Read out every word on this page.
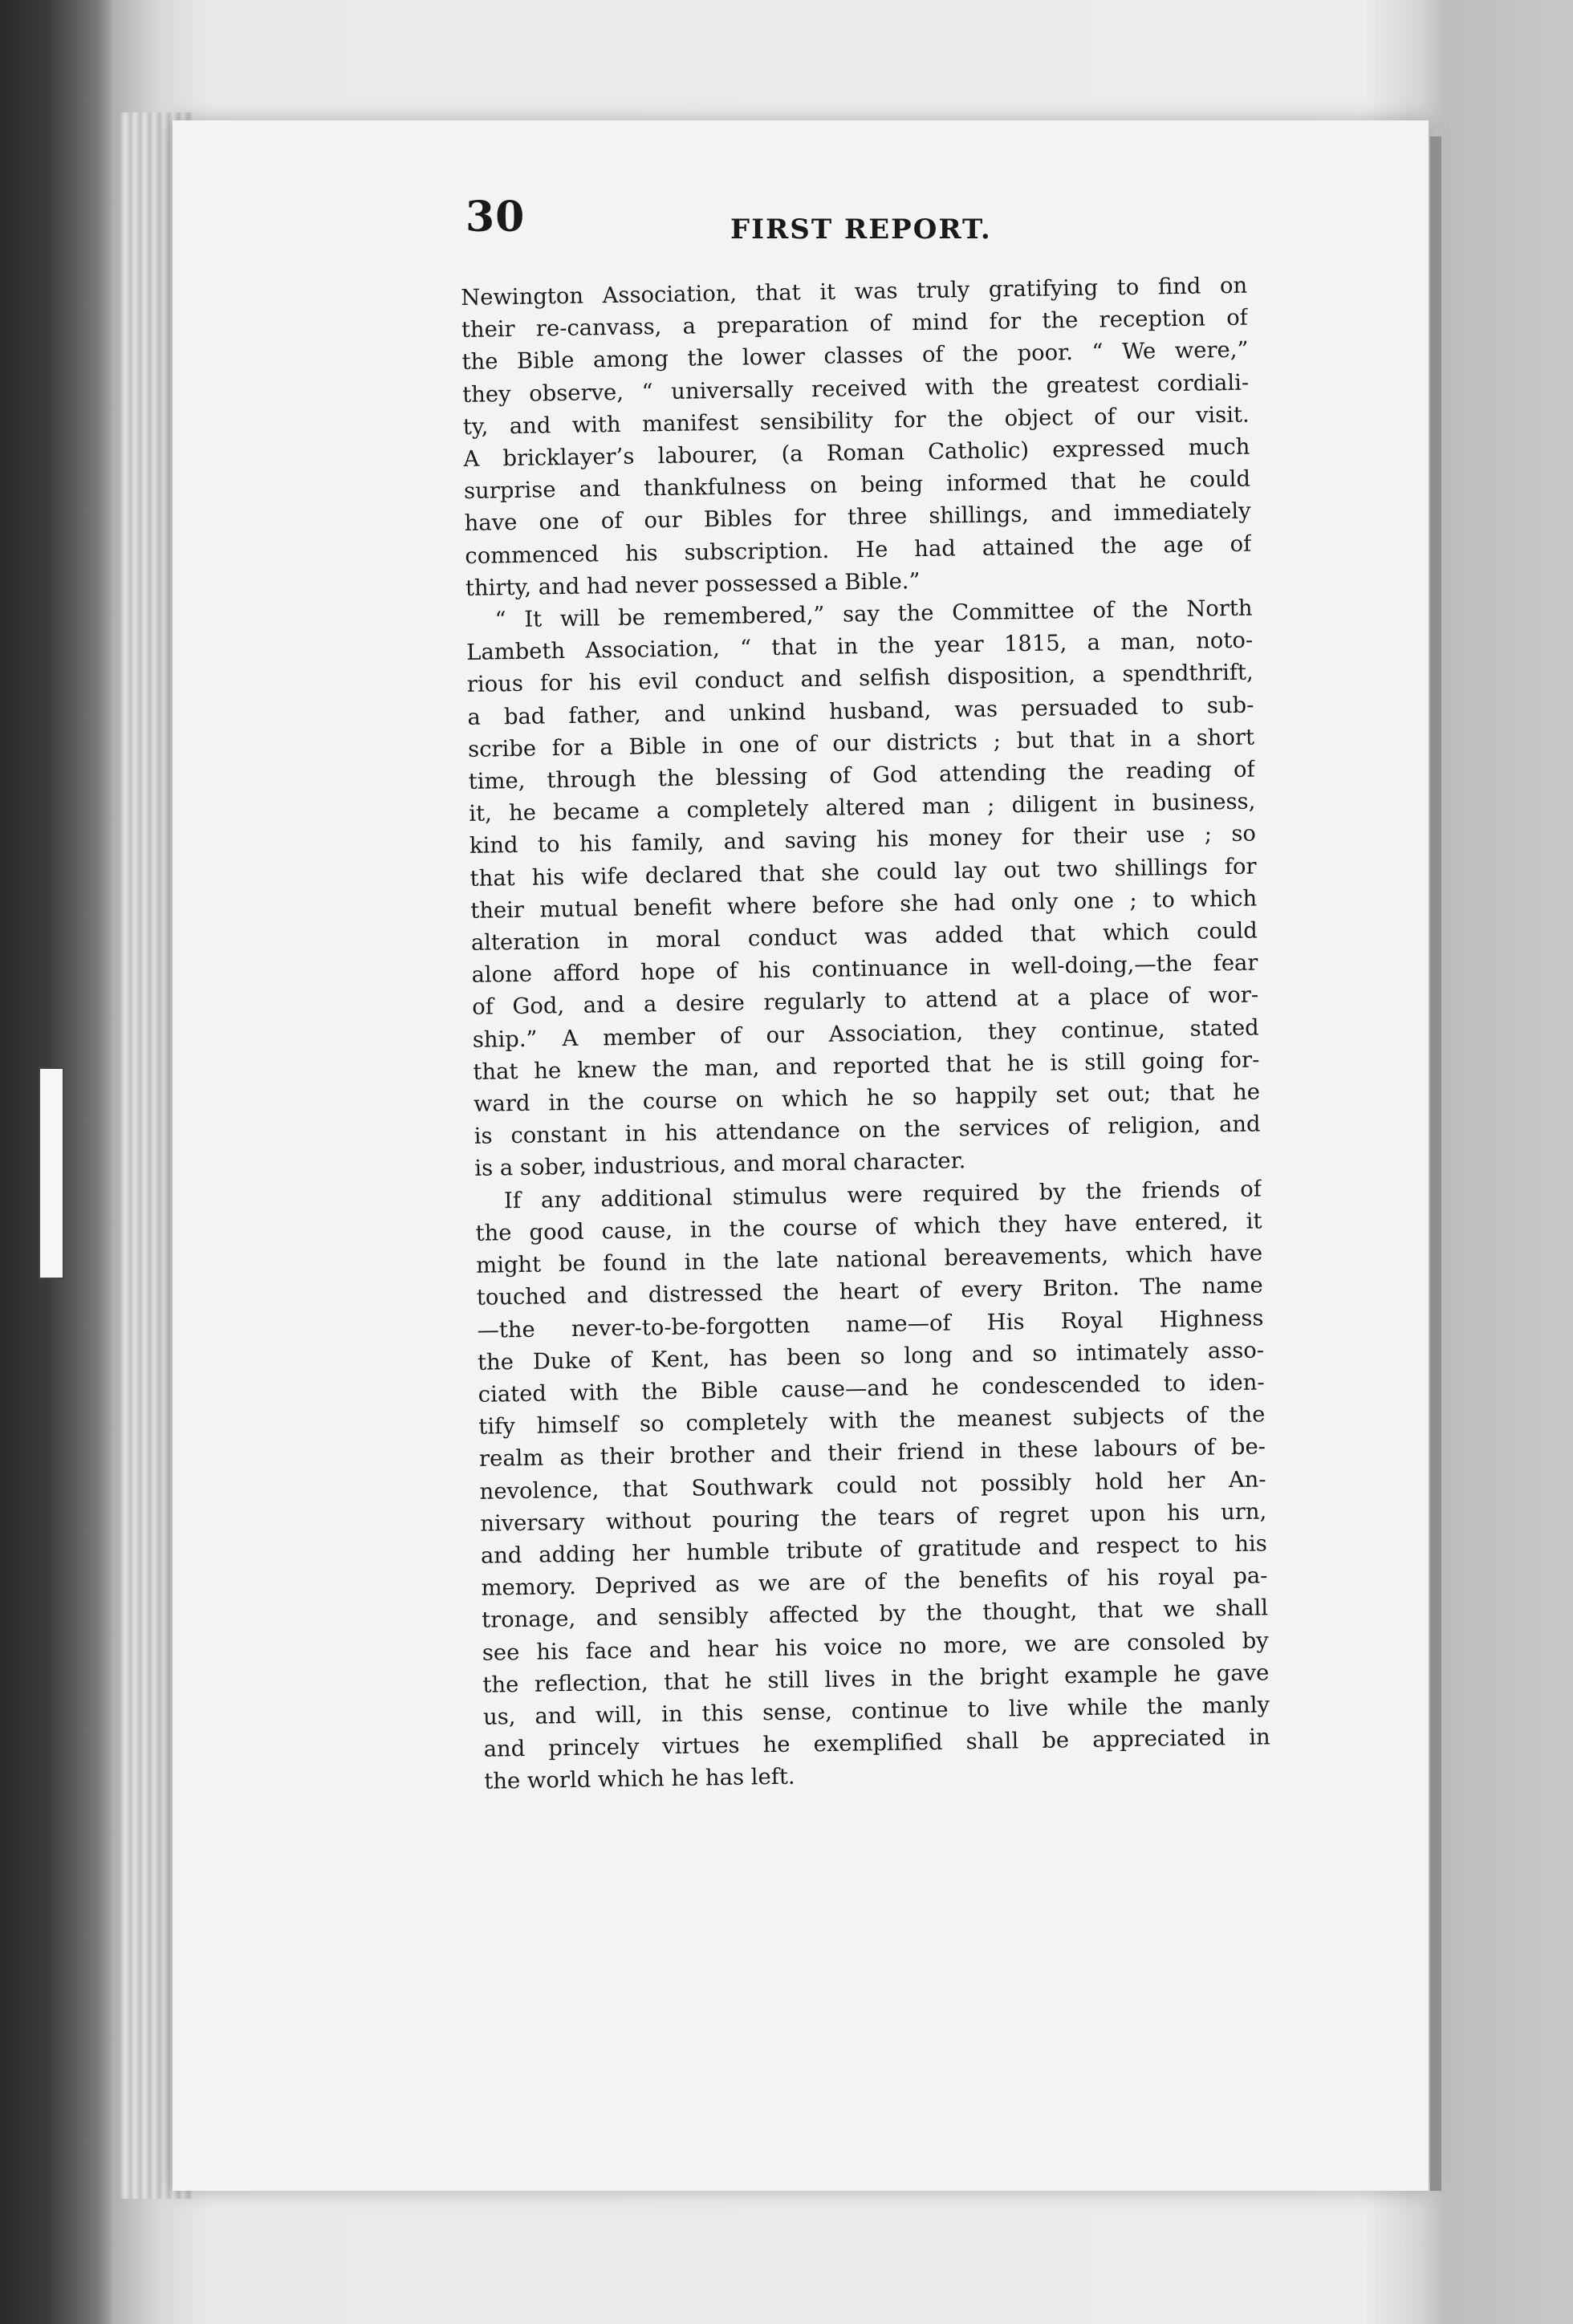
30	FIRST REPORT.
Newington Association, that it was truly gratifying to find on
their re-canvass, a preparation of mind for the reception of
the Bible among the lower classes of the poor. “ We were,”
they observe, “ universally received with the greatest cordiali-
ty, and with manifest sensibility for the object of our visit.
A bricklayer’s labourer, (a Roman Catholic) expressed much
surprise and thankfulness on being informed that he could
have one of our Bibles for three shillings, and immediately
commenced his subscription. He had attained the age of
thirty, and had never possessed a Bible.”
“ It will be remembered,” say the Committee of the North
Lambeth Association, “ that in the year 1815, a man, noto-
rious for his evil conduct and selfish disposition, a spendthrift,
a bad father, and unkind husband, was persuaded to sub-
scribe for a Bible in one of our districts ; but that in a short
time, through the blessing of God attending the reading of
it, he became a completely altered man ; diligent in business,
kind to his family, and saving his money for their use ; so
that his wife declared that she could lay out two shillings for
their mutual benefit where before she had only one ; to which
alteration in moral conduct was added that which could
alone afford hope of his continuance in well-doing,—the fear
of God, and a desire regularly to attend at a place of wor-
ship.” A member of our Association, they continue, stated
that he knew the man, and reported that he is still going for-
ward in the course on which he so happily set out; that he
is constant in his attendance on the services of religion, and
is a sober, industrious, and moral character.
If any additional stimulus were required by the friends of
the good cause, in the course of which they have entered, it
might be found in the late national bereavements, which have
touched and distressed the heart of every Briton. The name
—the never-to-be-forgotten name—of His Royal Highness
the Duke of Kent, has been so long and so intimately asso-
ciated with the Bible cause—and he condescended to iden-
tify himself so completely with the meanest subjects of the
realm as their brother and their friend in these labours of be-
nevolence, that Southwark could not possibly hold her An-
niversary without pouring the tears of regret upon his urn,
and adding her humble tribute of gratitude and respect to his
memory. Deprived as we are of the benefits of his royal pa-
tronage, and sensibly affected by the thought, that we shall
see his face and hear his voice no more, we are consoled by
the reflection, that he still lives in the bright example he gave
us, and will, in this sense, continue to live while the manly
and princely virtues he exemplified shall be appreciated in
the world which he has left.
